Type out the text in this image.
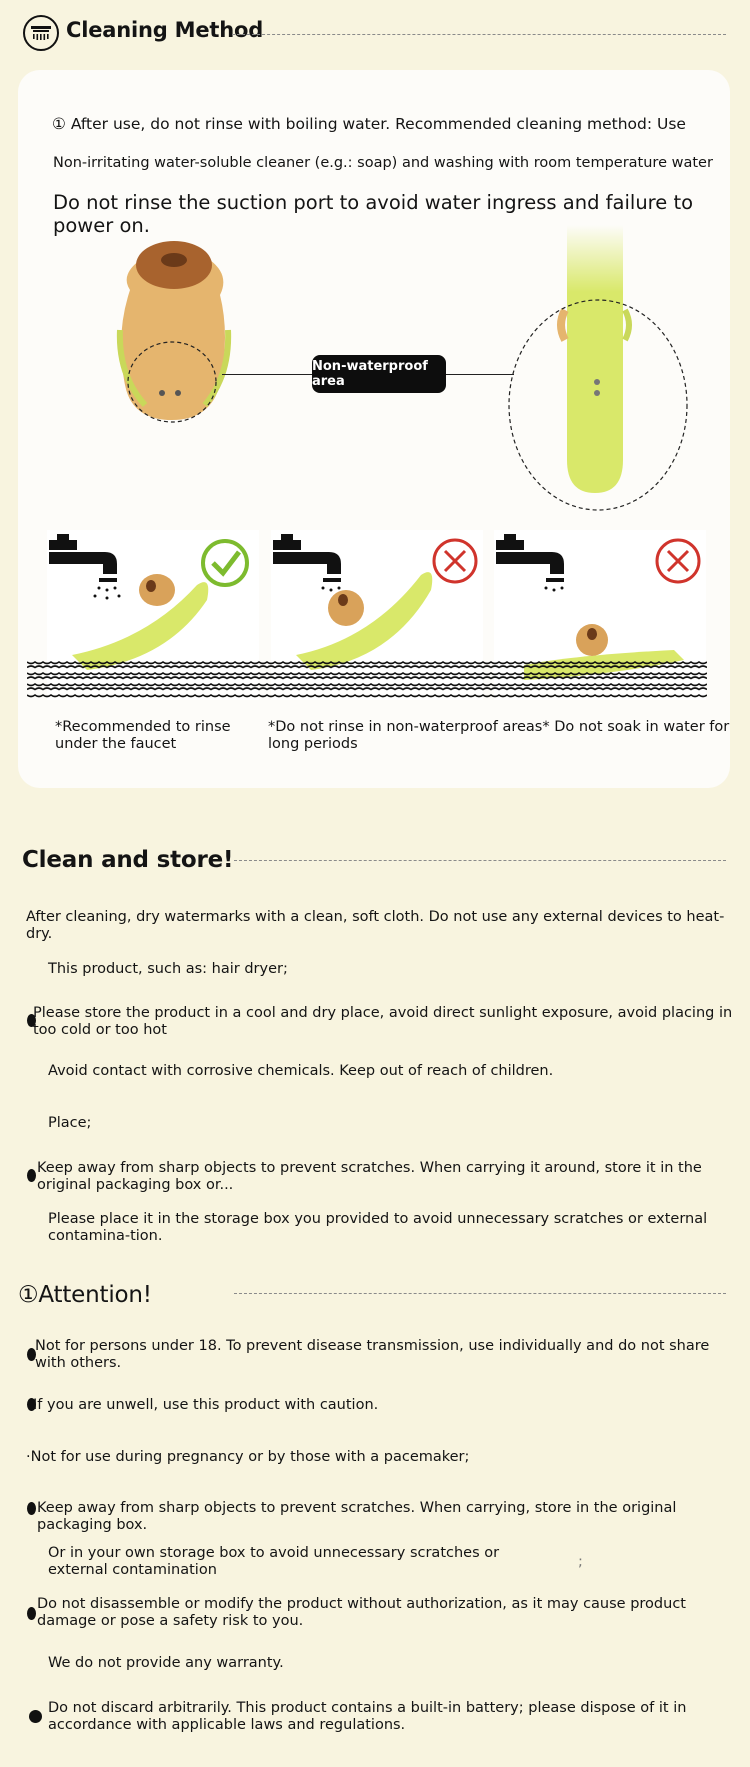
Cleaning Method
① After use, do not rinse with boiling water. Recommended cleaning method: Use
Non-irritating water-soluble cleaner (e.g.: soap) and washing with room temperature water
Do not rinse the suction port to avoid water ingress and failure to power on.
Non-waterproof area
*Recommended to rinse under the faucet
*Do not rinse in non-waterproof areas* Do not soak in water for long periods
Clean and store!
After cleaning, dry watermarks with a clean, soft cloth. Do not use any external devices to heat-dry.
This product, such as: hair dryer;
Please store the product in a cool and dry place, avoid direct sunlight exposure, avoid placing in too cold or too hot
Avoid contact with corrosive chemicals. Keep out of reach of children.
Place;
Keep away from sharp objects to prevent scratches. When carrying it around, store it in the original packaging box or...
Please place it in the storage box you provided to avoid unnecessary scratches or external contamina-tion.
①Attention!
Not for persons under 18. To prevent disease transmission, use individually and do not share with others.
If you are unwell, use this product with caution.
·Not for use during pregnancy or by those with a pacemaker;
Keep away from sharp objects to prevent scratches. When carrying, store in the original packaging box.
Or in your own storage box to avoid unnecessary scratches or external contamination	;
Do not disassemble or modify the product without authorization, as it may cause product damage or pose a safety risk to you.
We do not provide any warranty.
Do not discard arbitrarily. This product contains a built-in battery; please dispose of it in accordance with applicable laws and regulations.
